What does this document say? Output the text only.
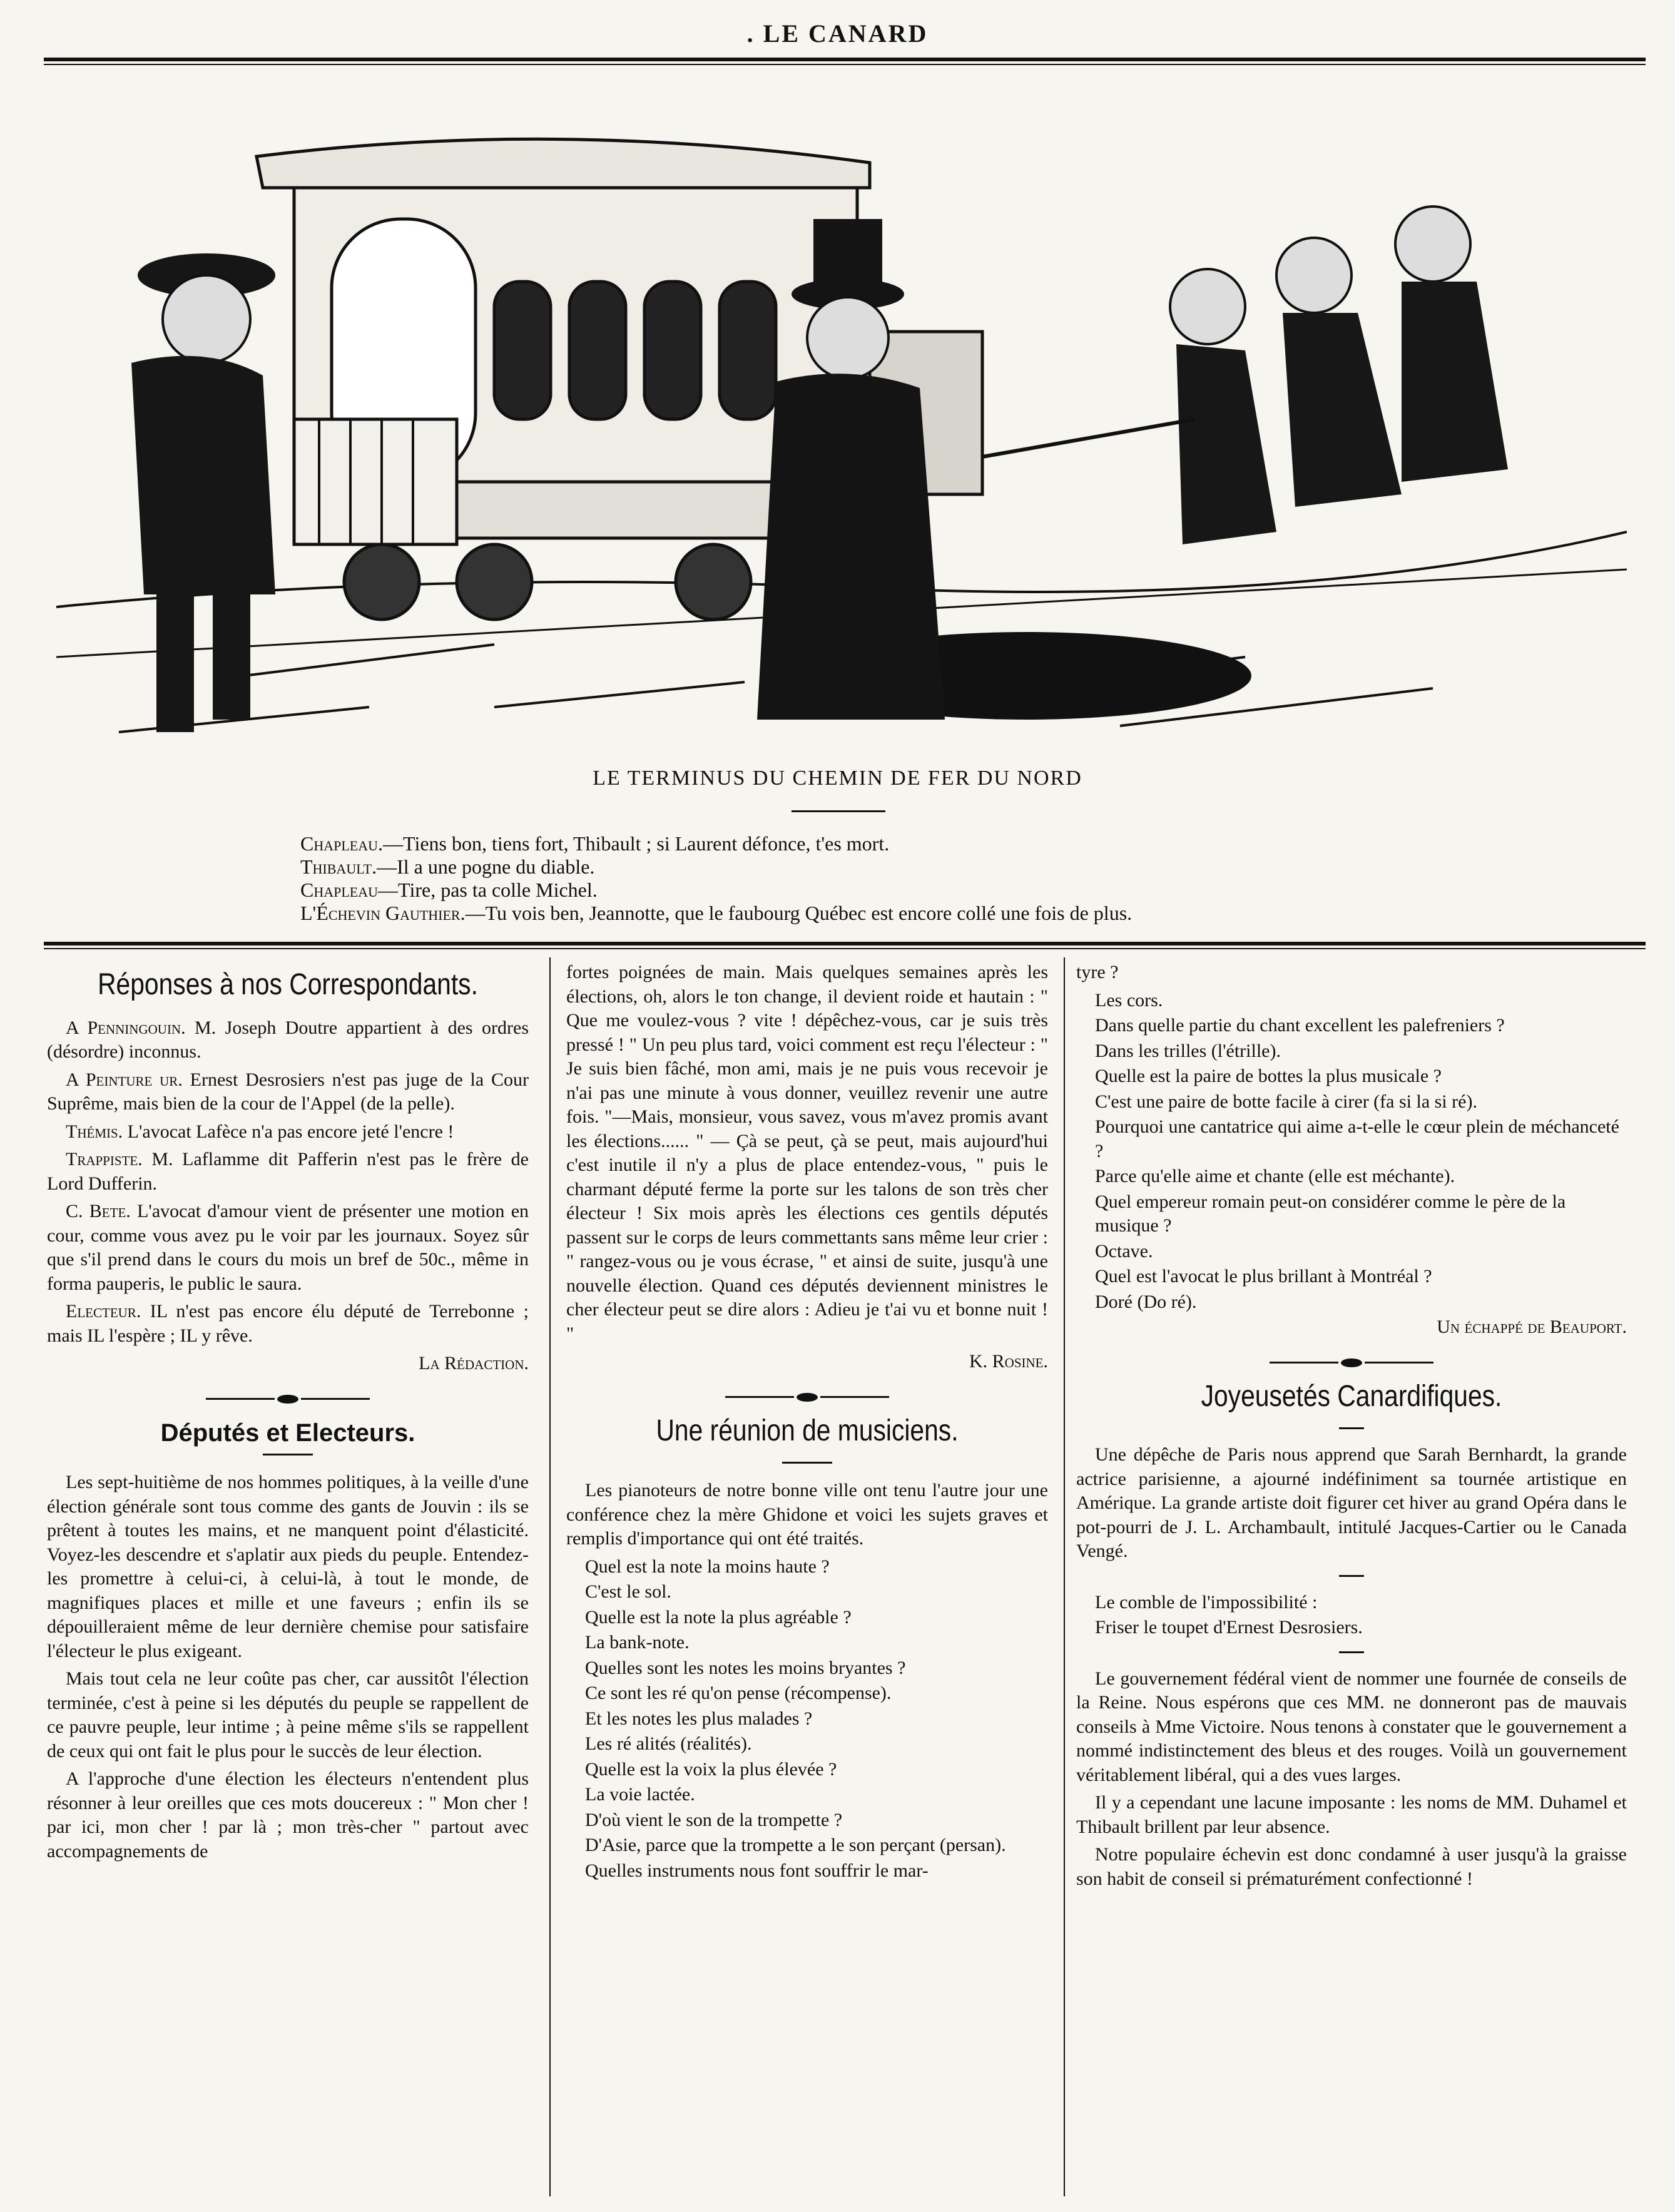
. LE CANARD
LE TERMINUS DU CHEMIN DE FER DU NORD

Chapleau.—Tiens bon, tiens fort, Thibault ; si Laurent défonce, t'es mort.

Thibault.—Il a une pogne du diable.

Chapleau—Tire, pas ta colle Michel.

L'Échevin Gauthier.—Tu vois ben, Jeannotte, que le faubourg Québec est encore collé une fois de plus.

Réponses à nos Correspondants.

A Penningouin. M. Joseph Doutre appartient à des ordres (désordre) inconnus.

A Peinture ur. Ernest Desrosiers n'est pas juge de la Cour Suprême, mais bien de la cour de l'Appel (de la pelle).

Thémis. L'avocat Lafèce n'a pas encore jeté l'encre !

Trappiste. M. Laflamme dit Pafferin n'est pas le frère de Lord Dufferin.

C. Bete. L'avocat d'amour vient de présenter une motion en cour, comme vous avez pu le voir par les journaux. Soyez sûr que s'il prend dans le cours du mois un bref de 50c., même in forma pauperis, le public le saura.

Electeur. IL n'est pas encore élu député de Terrebonne ; mais IL l'espère ; IL y rêve.

La Rédaction.

Députés et Electeurs.

Les sept-huitième de nos hommes politiques, à la veille d'une élection générale sont tous comme des gants de Jouvin : ils se prêtent à toutes les mains, et ne manquent point d'élasticité. Voyez-les descendre et s'aplatir aux pieds du peuple. Entendez-les promettre à celui-ci, à celui-là, à tout le monde, de magnifiques places et mille et une faveurs ; enfin ils se dépouilleraient même de leur dernière chemise pour satisfaire l'électeur le plus exigeant.

Mais tout cela ne leur coûte pas cher, car aussitôt l'élection terminée, c'est à peine si les députés du peuple se rappellent de ce pauvre peuple, leur intime ; à peine même s'ils se rappellent de ceux qui ont fait le plus pour le succès de leur élection.

A l'approche d'une élection les électeurs n'entendent plus résonner à leur oreilles que ces mots doucereux : " Mon cher ! par ici, mon cher ! par là ; mon très-cher " partout avec accompagnements de

fortes poignées de main. Mais quelques semaines après les élections, oh, alors le ton change, il devient roide et hautain : " Que me voulez-vous ? vite ! dépêchez-vous, car je suis très pressé ! " Un peu plus tard, voici comment est reçu l'électeur : " Je suis bien fâché, mon ami, mais je ne puis vous recevoir je n'ai pas une minute à vous donner, veuillez revenir une autre fois. "—Mais, monsieur, vous savez, vous m'avez promis avant les élections...... " — Çà se peut, çà se peut, mais aujourd'hui c'est inutile il n'y a plus de place entendez-vous, " puis le charmant député ferme la porte sur les talons de son très cher électeur ! Six mois après les élections ces gentils députés passent sur le corps de leurs commettants sans même leur crier : " rangez-vous ou je vous écrase, " et ainsi de suite, jusqu'à une nouvelle élection. Quand ces députés deviennent ministres le cher électeur peut se dire alors : Adieu je t'ai vu et bonne nuit ! "

K. Rosine.

Une réunion de musiciens.

Les pianoteurs de notre bonne ville ont tenu l'autre jour une conférence chez la mère Ghidone et voici les sujets graves et remplis d'importance qui ont été traités.

Quel est la note la moins haute ?

C'est le sol.

Quelle est la note la plus agréable ?

La bank-note.

Quelles sont les notes les moins bryantes ?

Ce sont les ré qu'on pense (récompense).

Et les notes les plus malades ?

Les ré alités (réalités).

Quelle est la voix la plus élevée ?

La voie lactée.

D'où vient le son de la trompette ?

D'Asie, parce que la trompette a le son perçant (persan).

Quelles instruments nous font souffrir le mar-

tyre ?

Les cors.

Dans quelle partie du chant excellent les palefreniers ?

Dans les trilles (l'étrille).

Quelle est la paire de bottes la plus musicale ?

C'est une paire de botte facile à cirer (fa si la si ré).

Pourquoi une cantatrice qui aime a-t-elle le cœur plein de méchanceté ?

Parce qu'elle aime et chante (elle est méchante).

Quel empereur romain peut-on considérer comme le père de la musique ?

Octave.

Quel est l'avocat le plus brillant à Montréal ?

Doré (Do ré).

Un échappé de Beauport.

Joyeusetés Canardifiques.

Une dépêche de Paris nous apprend que Sarah Bernhardt, la grande actrice parisienne, a ajourné indéfiniment sa tournée artistique en Amérique. La grande artiste doit figurer cet hiver au grand Opéra dans le pot-pourri de J. L. Archambault, intitulé Jacques-Cartier ou le Canada Vengé.

Le comble de l'impossibilité :

Friser le toupet d'Ernest Desrosiers.

Le gouvernement fédéral vient de nommer une fournée de conseils de la Reine. Nous espérons que ces MM. ne donneront pas de mauvais conseils à Mme Victoire. Nous tenons à constater que le gouvernement a nommé indistinctement des bleus et des rouges. Voilà un gouvernement véritablement libéral, qui a des vues larges.

Il y a cependant une lacune imposante : les noms de MM. Duhamel et Thibault brillent par leur absence.

Notre populaire échevin est donc condamné à user jusqu'à la graisse son habit de conseil si prématurément confectionné !
